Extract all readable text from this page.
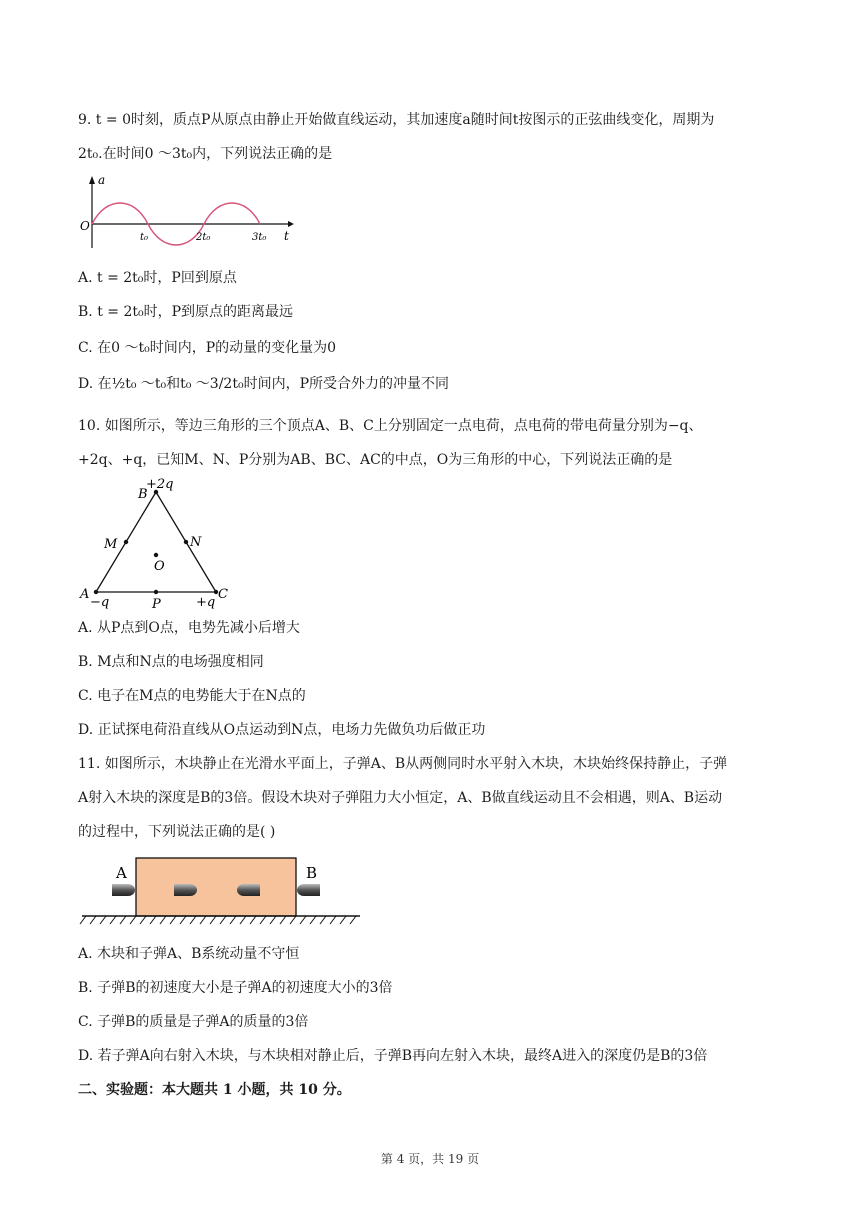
9. t = 0时刻，质点P从原点由静止开始做直线运动，其加速度a随时间t按图示的正弦曲线变化，周期为
2t₀.在时间0 ～3t₀内，下列说法正确的是
a
O
t
t₀	2t₀	3t₀
A. t = 2t₀时，P回到原点
B. t = 2t₀时，P到原点的距离最远
C. 在0 ～t₀时间内，P的动量的变化量为0
D. 在½t₀ ～t₀和t₀ ～3/2t₀时间内，P所受合外力的冲量不同
10. 如图所示，等边三角形的三个顶点A、B、C上分别固定一点电荷，点电荷的带电荷量分别为−q、
+2q、+q，已知M、N、P分别为AB、BC、AC的中点，O为三角形的中心，下列说法正确的是
B
+2q
A
−q
C
+q
M	N
P
O
A. 从P点到O点，电势先减小后增大
B. M点和N点的电场强度相同
C. 电子在M点的电势能大于在N点的
D. 正试探电荷沿直线从O点运动到N点，电场力先做负功后做正功
11. 如图所示，木块静止在光滑水平面上，子弹A、B从两侧同时水平射入木块，木块始终保持静止，子弹
A射入木块的深度是B的3倍。假设木块对子弹阻力大小恒定，A、B做直线运动且不会相遇，则A、B运动
的过程中，下列说法正确的是( )
A	B
A. 木块和子弹A、B系统动量不守恒
B. 子弹B的初速度大小是子弹A的初速度大小的3倍
C. 子弹B的质量是子弹A的质量的3倍
D. 若子弹A向右射入木块，与木块相对静止后，子弹B再向左射入木块，最终A进入的深度仍是B的3倍
二、实验题：本大题共 1 小题，共 10 分。
第 4 页，共 19 页
